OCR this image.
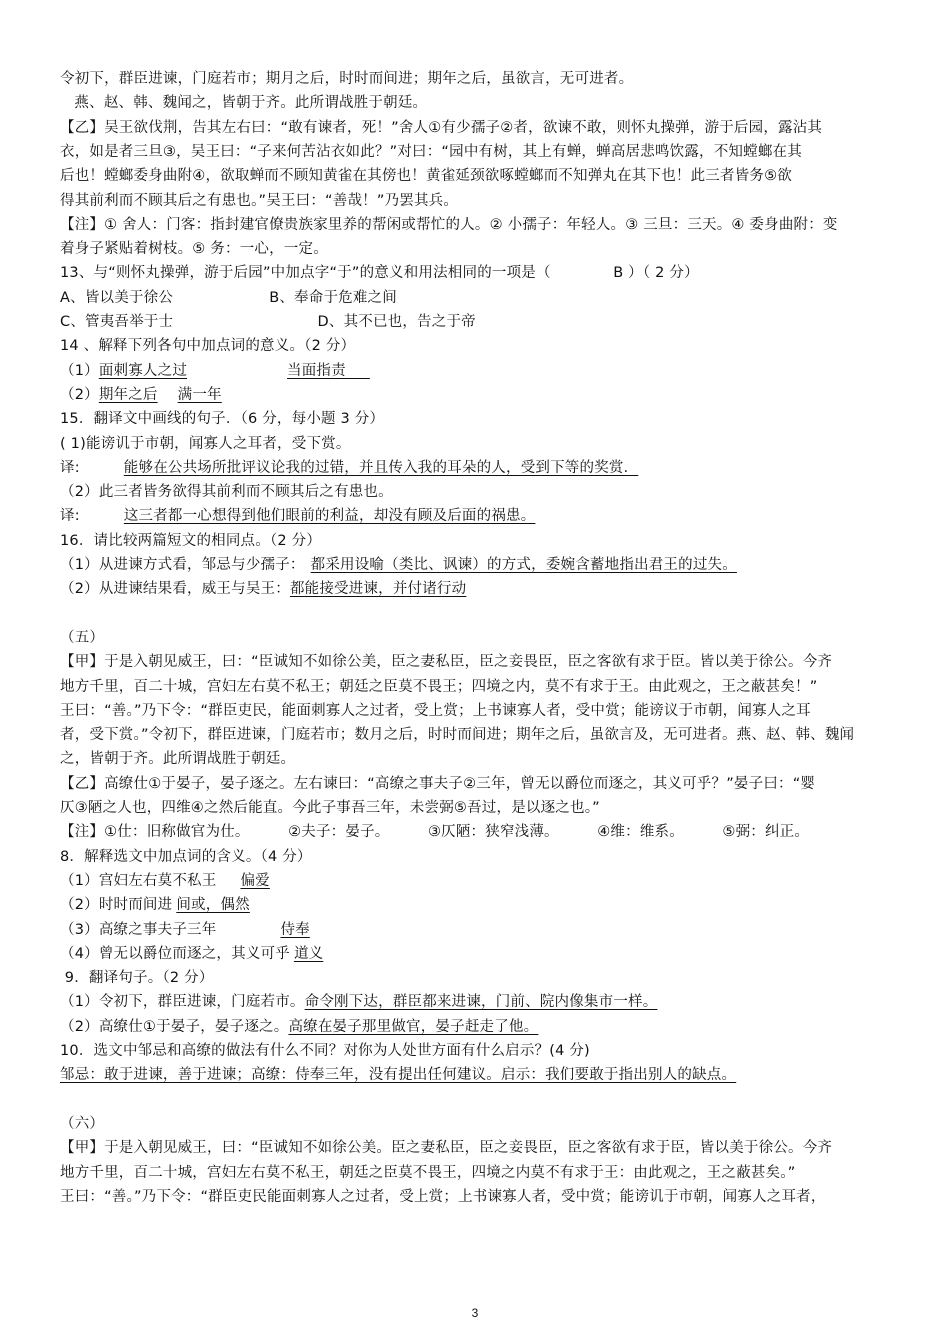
令初下，群臣进谏，门庭若市；期月之后，时时而间进；期年之后，虽欲言，无可进者。
燕、赵、韩、魏闻之，皆朝于齐。此所谓战胜于朝廷。
【乙】吴王欲伐荆，告其左右曰：“敢有谏者，死！”舍人①有少孺子②者，欲谏不敢，则怀丸操弹，游于后园，露沾其
衣，如是者三旦③，吴王曰：“子来何苦沾衣如此？”对曰：“园中有树，其上有蝉，蝉高居悲鸣饮露，不知螳螂在其
后也！螳螂委身曲附④，欲取蝉而不顾知黄雀在其傍也！黄雀延颈欲啄螳螂而不知弹丸在其下也！此三者皆务⑤欲
得其前利而不顾其后之有患也。”吴王曰：“善哉！”乃罢其兵。
【注】① 舍人：门客：指封建官僚贵族家里养的帮闲或帮忙的人。② 小孺子：年轻人。③ 三旦：三天。④ 委身曲附：变
着身子紧贴着树枝。⑤ 务：一心，一定。
13、与“则怀丸操弹，游于后园”中加点字“于”的意义和用法相同的一项是（             B ）（ 2 分）
A、皆以美于徐公                    B、奉命于危难之间
C、管夷吾举于士                              D、其不已也，告之于帝
14 、解释下列各句中加点词的意义。（2 分）
（1）面刺寡人之过	当面指责
（2）期年之后 满一年
15．翻译文中画线的句子．（6 分，每小题 3 分）
( 1)能谤讥于市朝，闻寡人之耳者，受下赏。
译:	能够在公共场所批评议论我的过错，并且传入我的耳朵的人，受到下等的奖赏．
（2）此三者皆务欲得其前利而不顾其后之有患也。
译:	这三者都一心想得到他们眼前的利益，却没有顾及后面的祸患。
16．请比较两篇短文的相同点。（2 分）
（1）从进谏方式看，邹忌与少孺子： 都采用设喻（类比、讽谏）的方式，委婉含蓄地指出君王的过失。
（2）从进谏结果看，威王与吴王：都能接受进谏，并付诸行动
（五）
【甲】于是入朝见威王，曰：“臣诚知不如徐公美，臣之妻私臣，臣之妾畏臣，臣之客欲有求于臣。皆以美于徐公。今齐
地方千里，百二十城，宫妇左右莫不私王；朝廷之臣莫不畏王；四境之内，莫不有求于王。由此观之，王之蔽甚矣！”
王曰：“善。”乃下令：“群臣吏民，能面刺寡人之过者，受上赏；上书谏寡人者，受中赏；能谤议于市朝，闻寡人之耳
者，受下赏。”令初下，群臣进谏，门庭若市；数月之后，时时而间进；期年之后，虽欲言及，无可进者。燕、赵、韩、魏闻
之，皆朝于齐。此所谓战胜于朝廷。
【乙】高缭仕①于晏子，晏子逐之。左右谏曰：“高缭之事夫子②三年，曾无以爵位而逐之，其义可乎？”晏子曰：“婴
仄③陋之人也，四维④之然后能直。今此子事吾三年，未尝弼⑤吾过，是以逐之也。”
【注】①仕：旧称做官为仕。        ②夫子：晏子。        ③仄陋：狭窄浅薄。        ④维：维系。        ⑤弼：纠正。
8．解释选文中加点词的含义。（4 分）
（1）宫妇左右莫不私王 偏爱
（2）时时而间进 间或，偶然
（3）高缭之事夫子三年	侍奉
（4）曾无以爵位而逐之，其义可乎 道义
9．翻译句子。（2 分）
（1）令初下，群臣进谏，门庭若市。命令刚下达，群臣都来进谏，门前、院内像集市一样。
（2）高缭仕①于晏子，晏子逐之。高缭在晏子那里做官，晏子赶走了他。
10．选文中邹忌和高缭的做法有什么不同？对你为人处世方面有什么启示？(4 分)
邹忌：敢于进谏，善于进谏；高缭：侍奉三年，没有提出任何建议。启示：我们要敢于指出别人的缺点。
（六）
【甲】于是入朝见威王，曰：“臣诚知不如徐公美。臣之妻私臣，臣之妾畏臣，臣之客欲有求于臣，皆以美于徐公。今齐
地方千里，百二十城，宫妇左右莫不私王，朝廷之臣莫不畏王，四境之内莫不有求于王：由此观之，王之蔽甚矣。”
王曰：“善。”乃下令：“群臣吏民能面刺寡人之过者，受上赏；上书谏寡人者，受中赏；能谤讥于市朝，闻寡人之耳者，
3
